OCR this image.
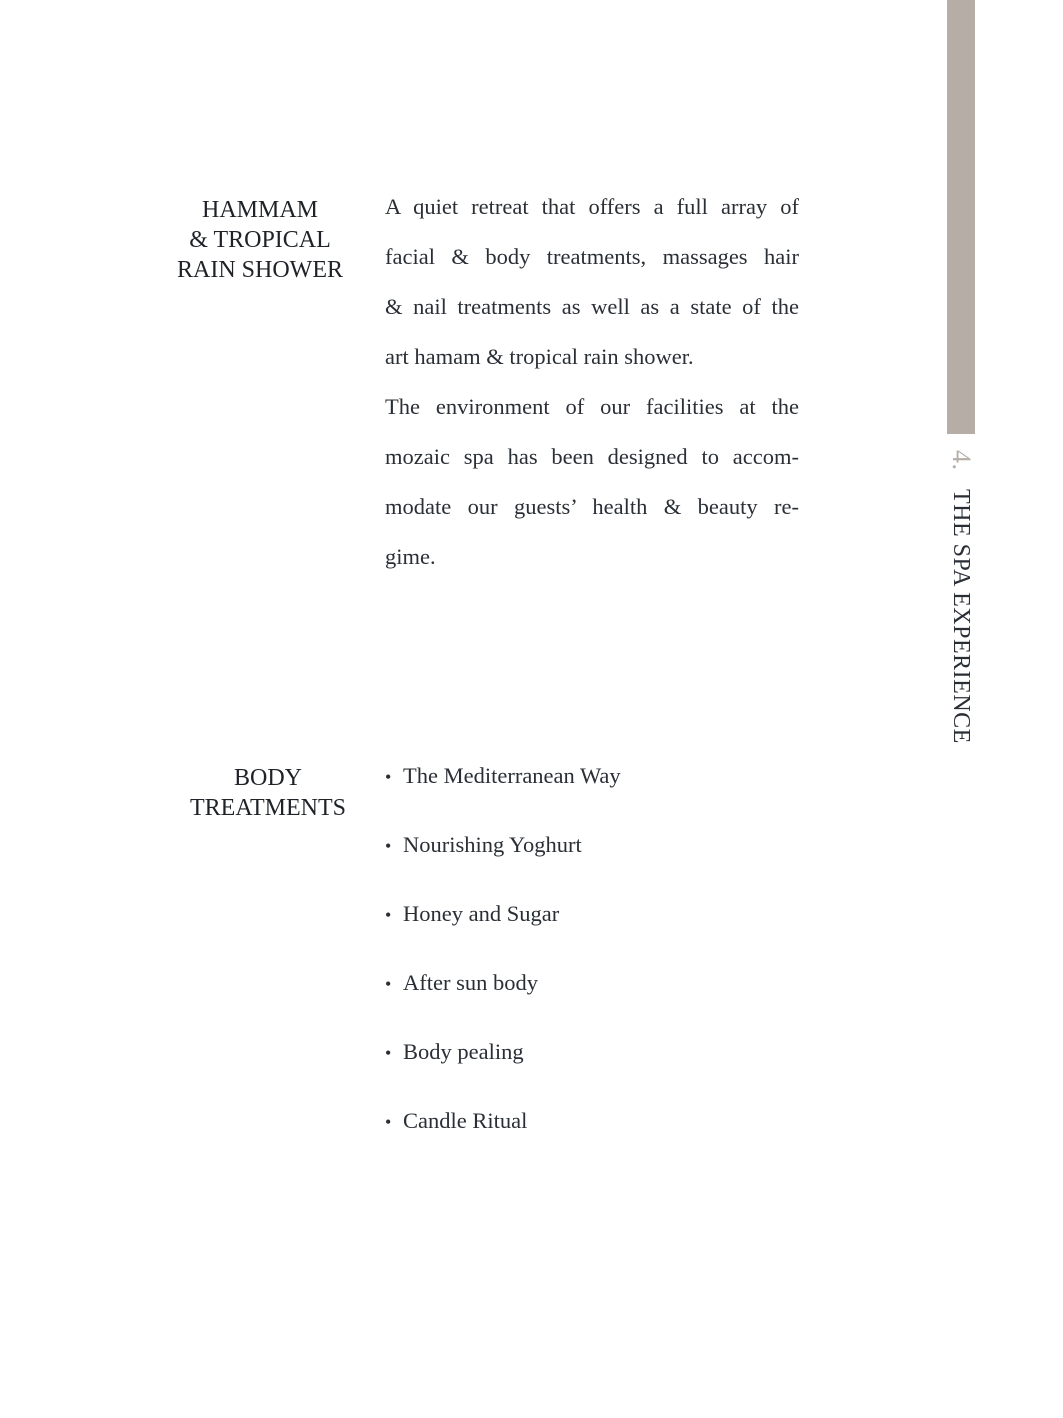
4. THE SPA EXPERIENCE
HAMMAM
& TROPICAL
RAIN SHOWER
A quiet retreat that offers a full array of
facial & body treatments, massages hair
& nail treatments as well as a state of the
art hamam & tropical rain shower.
The environment of our facilities at the
mozaic spa has been designed to accom-
modate our guests’ health & beauty re-
gime.
BODY
TREATMENTS
• The Mediterranean Way
• Nourishing Yoghurt
• Honey and Sugar
• After sun body
• Body pealing
• Candle Ritual
